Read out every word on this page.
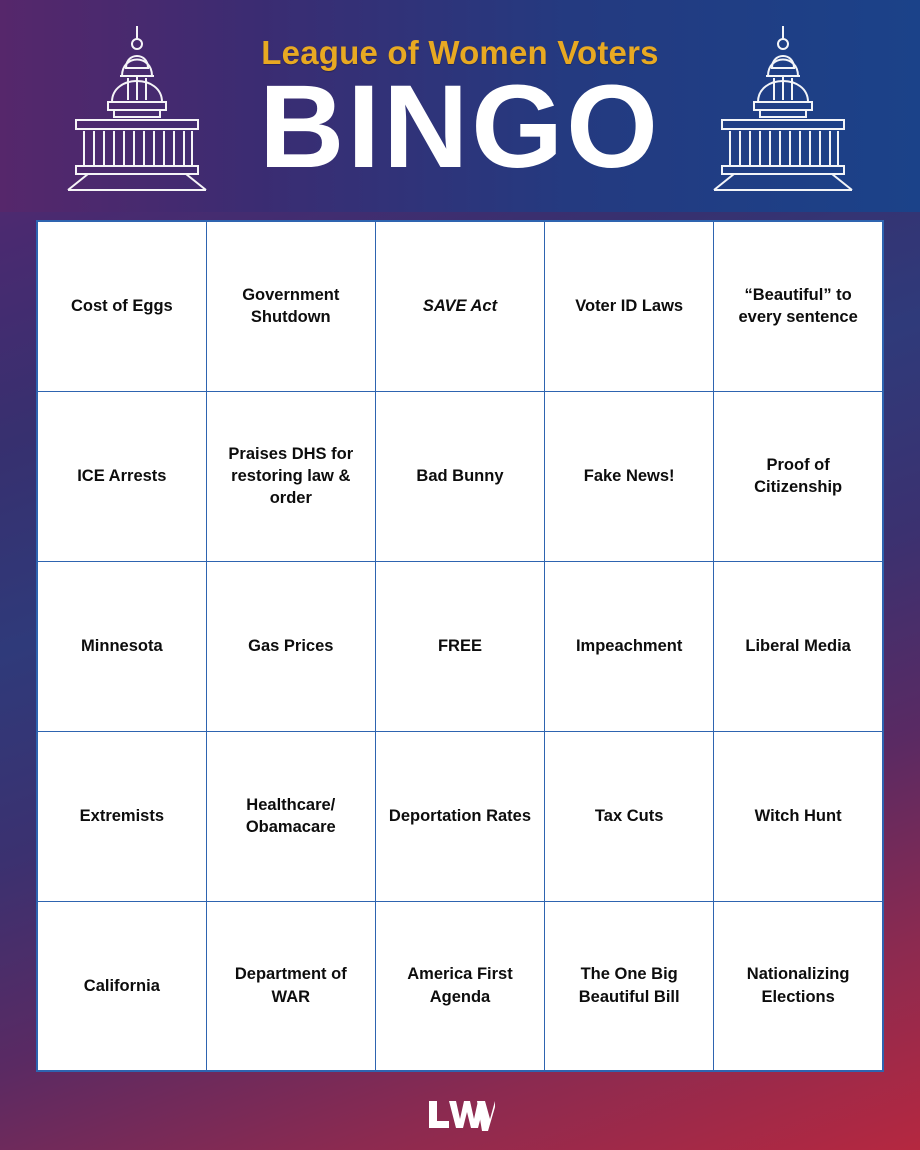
League of Women Voters
BINGO
Cost of Eggs	Government Shutdown	SAVE Act	Voter ID Laws	“Beautiful” to every sentence
ICE Arrests	Praises DHS for restoring law & order	Bad Bunny	Fake News!	Proof of Citizenship
Minnesota	Gas Prices	FREE	Impeachment	Liberal Media
Extremists	Healthcare/ Obamacare	Deportation Rates	Tax Cuts	Witch Hunt
California	Department of WAR	America First Agenda	The One Big Beautiful Bill	Nationalizing Elections
